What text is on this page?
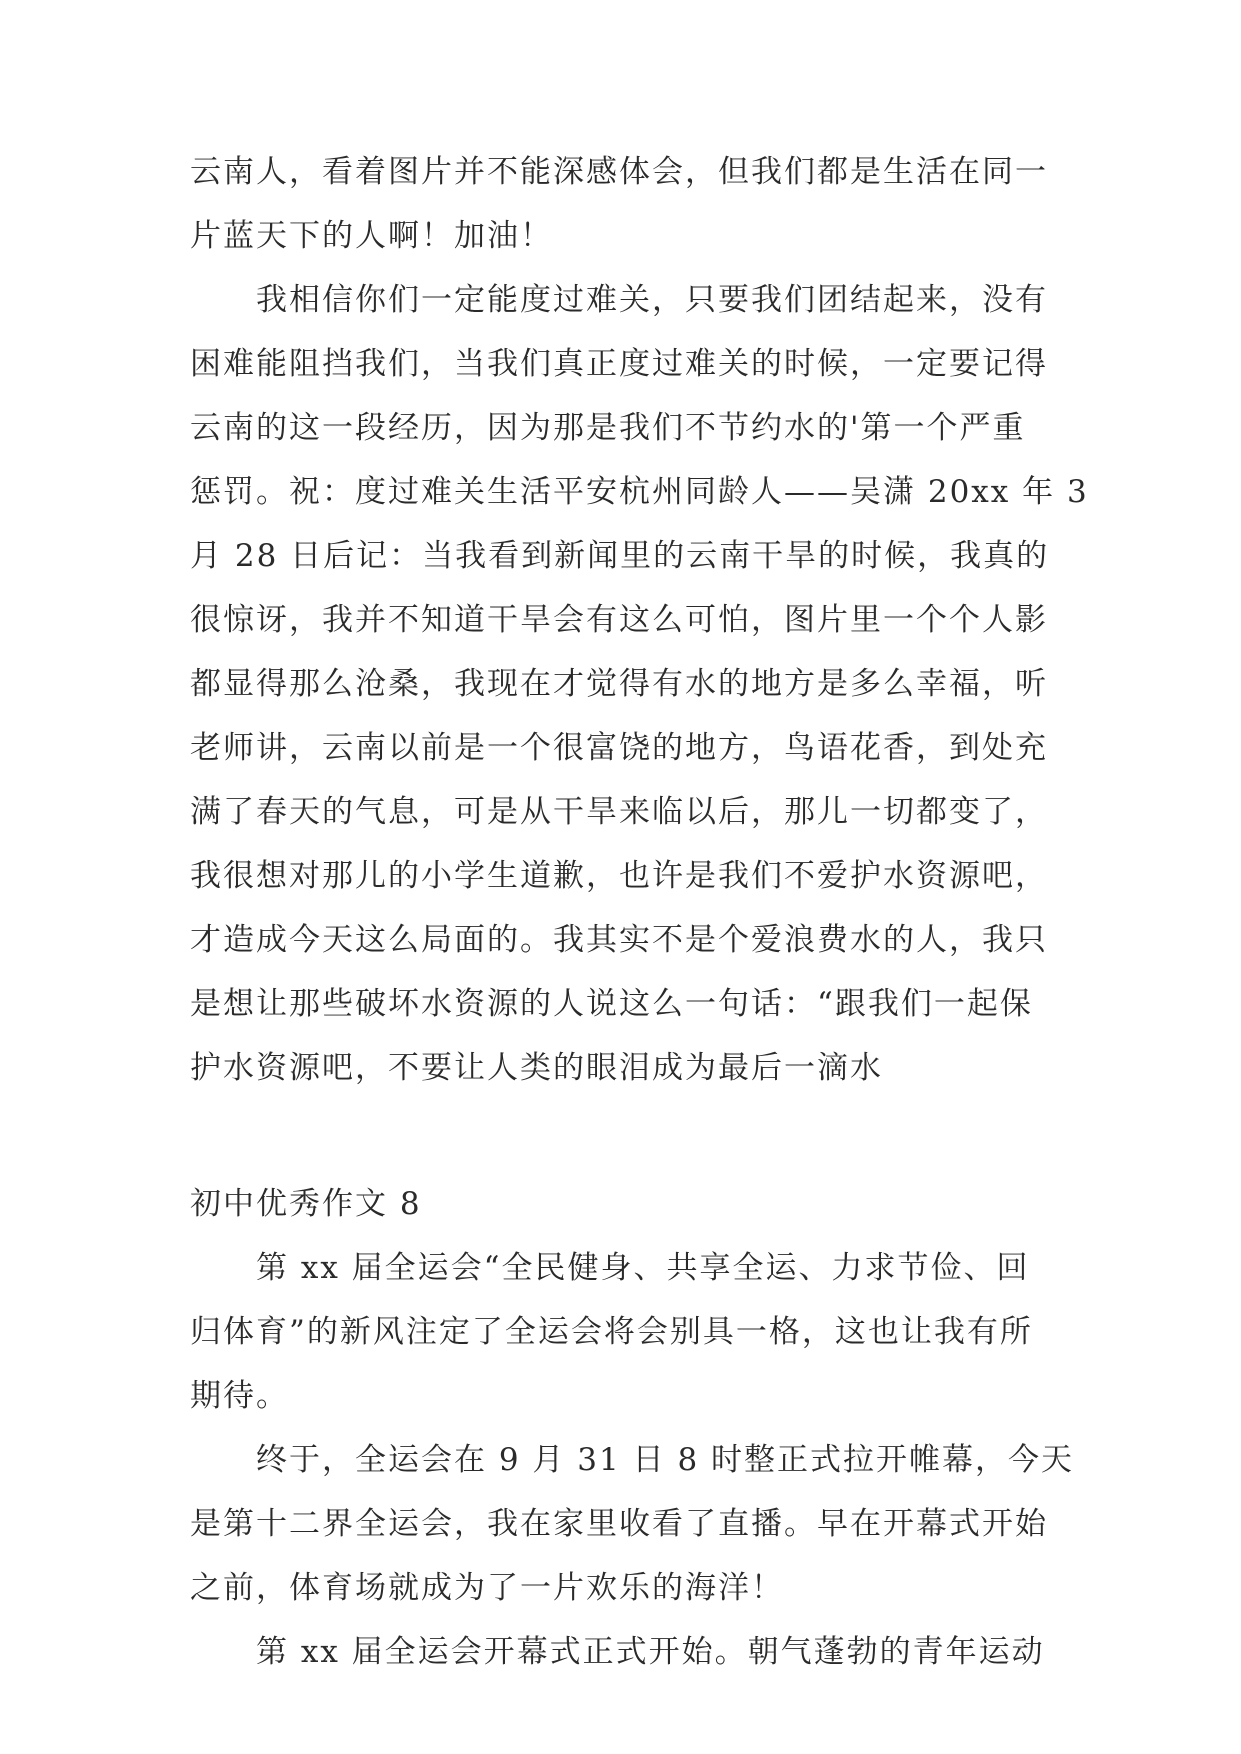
云南人，看着图片并不能深感体会，但我们都是生活在同一
片蓝天下的人啊！加油！
我相信你们一定能度过难关，只要我们团结起来，没有
困难能阻挡我们，当我们真正度过难关的时候，一定要记得
云南的这一段经历，因为那是我们不节约水的'第一个严重
惩罚。祝：度过难关生活平安杭州同龄人——吴潇 20xx 年 3
月 28 日后记：当我看到新闻里的云南干旱的时候，我真的
很惊讶，我并不知道干旱会有这么可怕，图片里一个个人影
都显得那么沧桑，我现在才觉得有水的地方是多么幸福，听
老师讲，云南以前是一个很富饶的地方，鸟语花香，到处充
满了春天的气息，可是从干旱来临以后，那儿一切都变了，
我很想对那儿的小学生道歉，也许是我们不爱护水资源吧，
才造成今天这么局面的。我其实不是个爱浪费水的人，我只
是想让那些破坏水资源的人说这么一句话：“跟我们一起保
护水资源吧，不要让人类的眼泪成为最后一滴水
初中优秀作文 8
第 xx 届全运会“全民健身、共享全运、力求节俭、回
归体育”的新风注定了全运会将会别具一格，这也让我有所
期待。
终于，全运会在 9 月 31 日 8 时整正式拉开帷幕，今天
是第十二界全运会，我在家里收看了直播。早在开幕式开始
之前，体育场就成为了一片欢乐的海洋！
第 xx 届全运会开幕式正式开始。朝气蓬勃的青年运动
